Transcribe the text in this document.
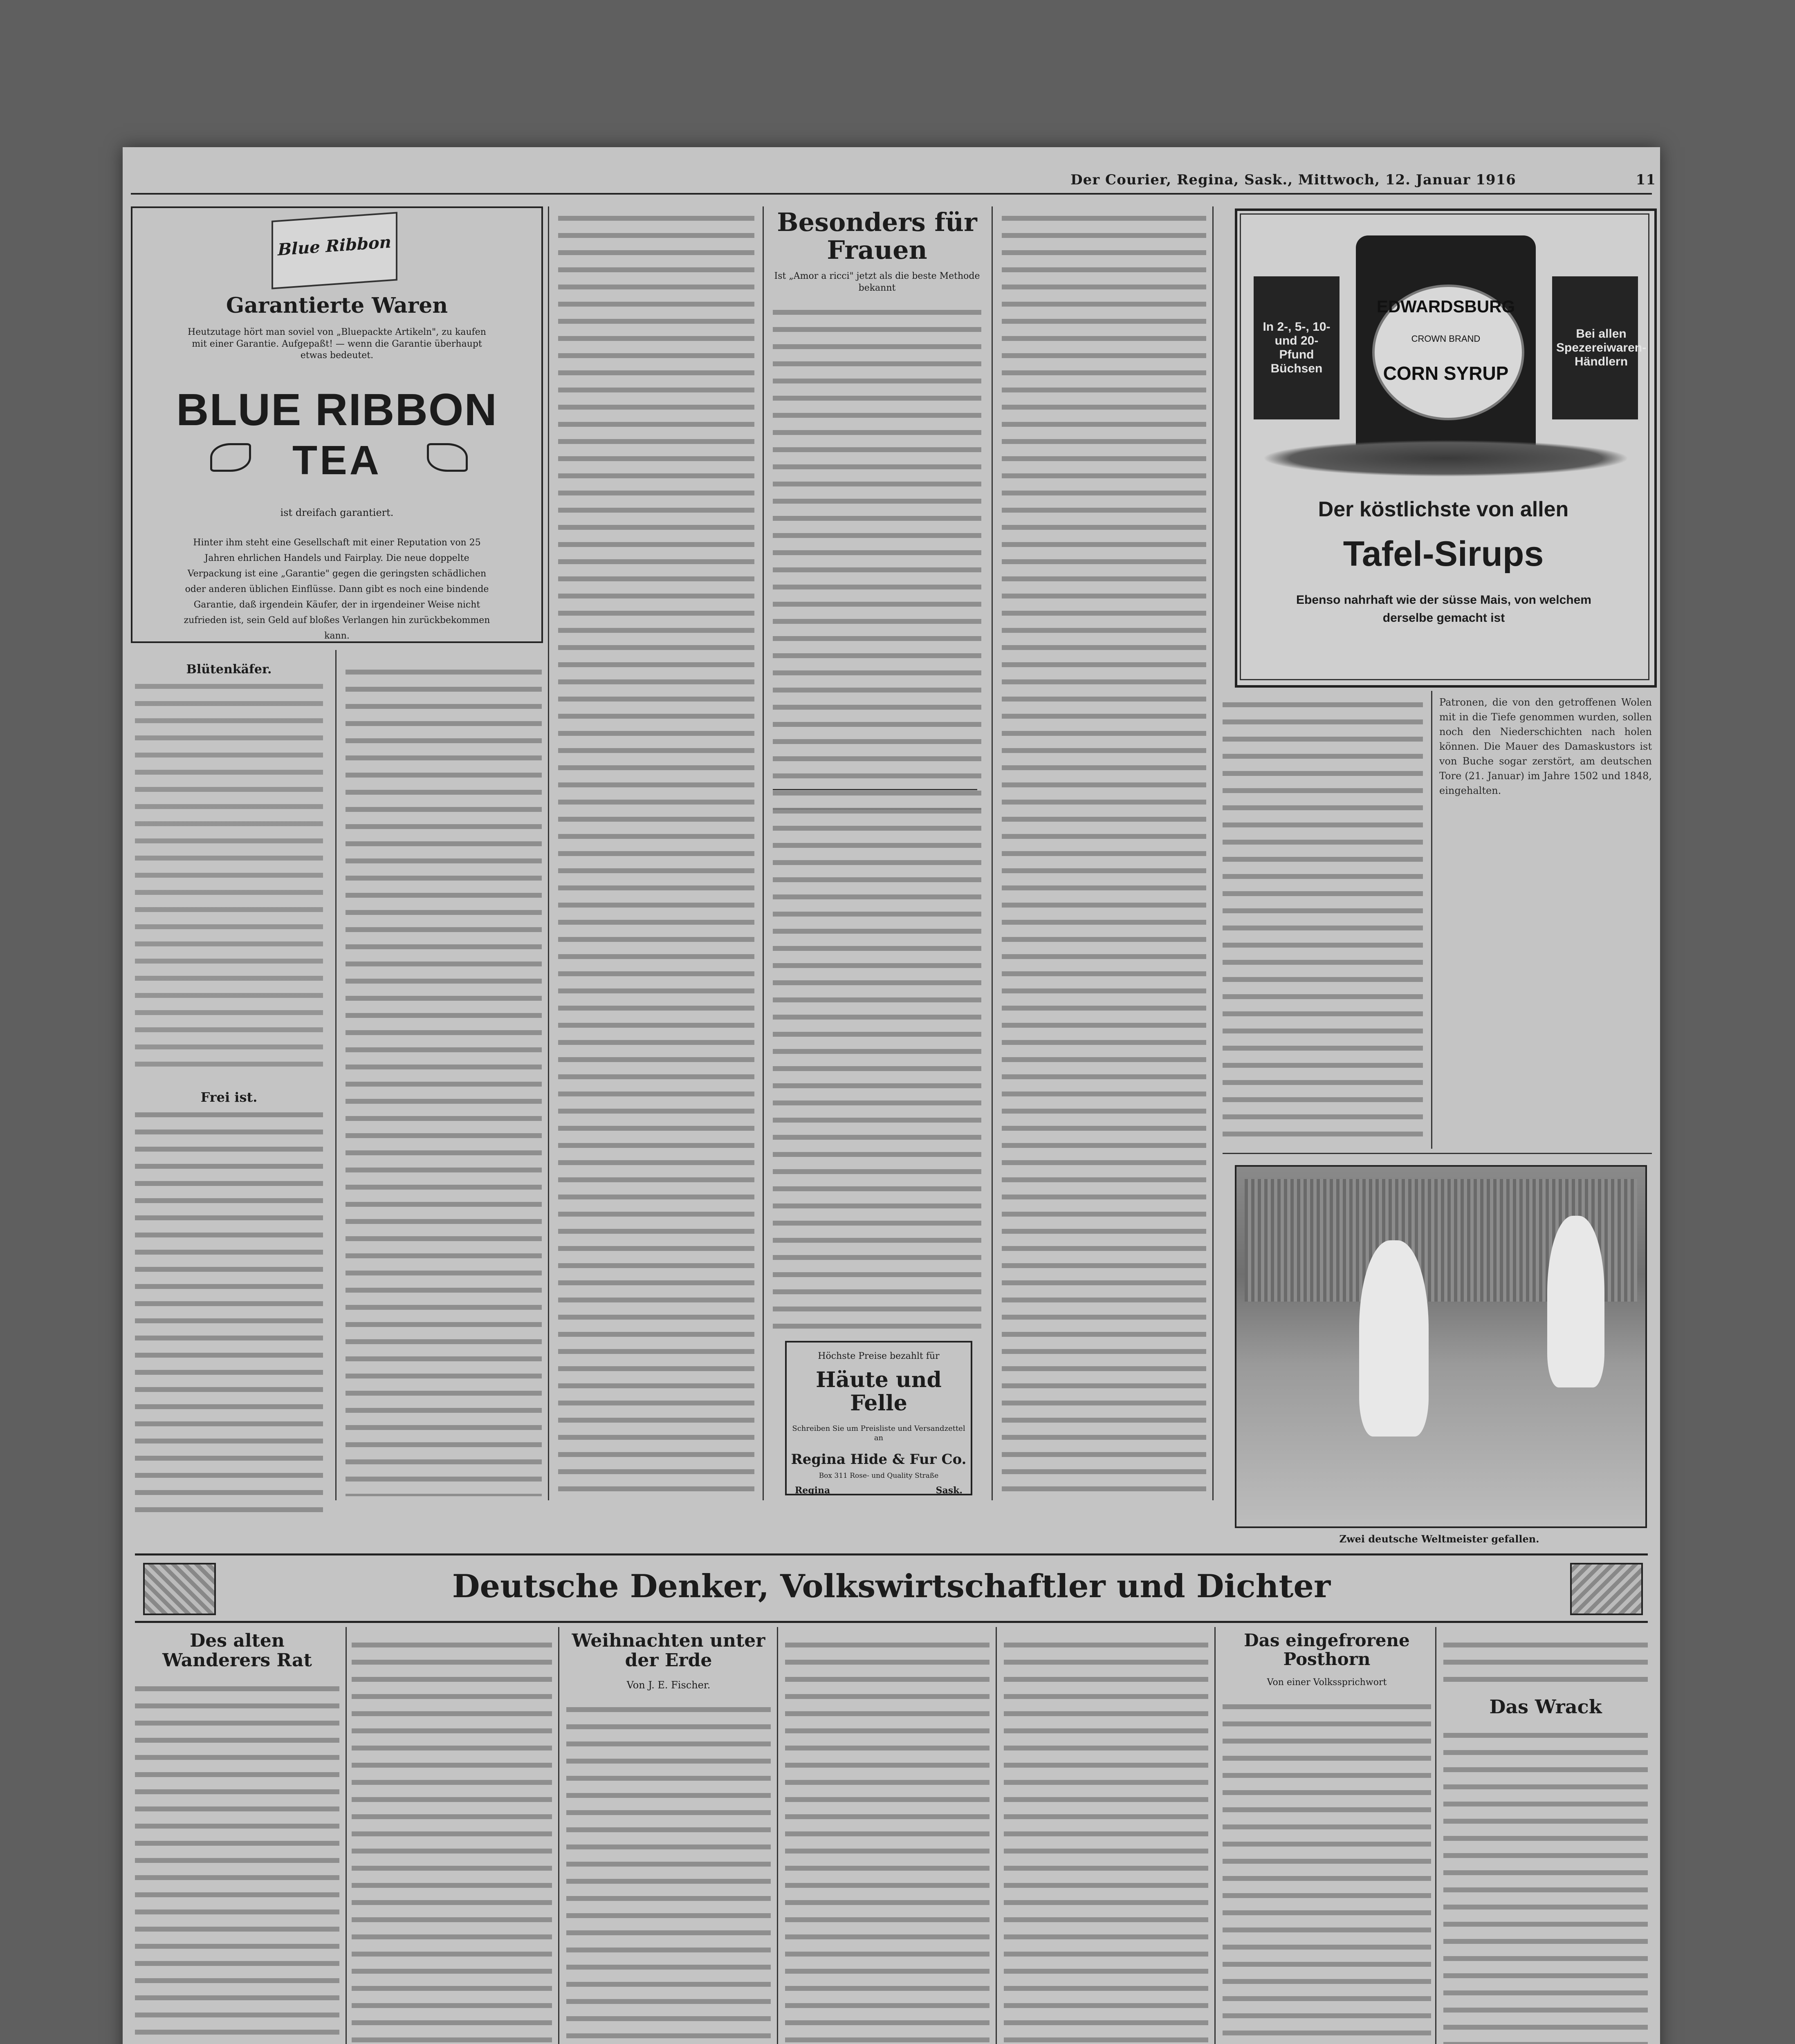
Der Courier, Regina, Sask., Mittwoch, 12. Januar 1916	11
Blue Ribbon
Garantierte Waren
Heutzutage hört man soviel von „Bluepackte Artikeln", zu kaufen mit einer Garantie. Aufgepaßt! — wenn die Garantie überhaupt etwas bedeutet.
BLUE RIBBON
TEA
ist dreifach garantiert.
Hinter ihm steht eine Gesellschaft mit einer Reputation von 25 Jahren ehrlichen Handels und Fairplay. Die neue doppelte Verpackung ist eine „Garantie" gegen die geringsten schädlichen oder anderen üblichen Einflüsse. Dann gibt es noch eine bindende Garantie, daß irgendein Käufer, der in irgendeiner Weise nicht zufrieden ist, sein Geld auf bloßes Verlangen hin zurückbekommen kann.
Blütenkäfer.
Frei ist.
Besonders für Frauen
Ist „Amor a ricci" jetzt als die beste Methode bekannt
Höchste Preise bezahlt für
Häute und Felle
Schreiben Sie um Preisliste und Versandzettel an
Regina Hide & Fur Co.
Box 311 Rose- und Quality Straße
Regina	Sask.
In 2-, 5-, 10- und 20-Pfund Büchsen
Bei allen Spezereiwaren-Händlern
EDWARDSBURG
CROWN BRAND
CORN SYRUP
Der köstlichste von allen
Tafel-Sirups
Ebenso nahrhaft wie der süsse Mais, von welchem derselbe gemacht ist
Patronen, die von den getroffenen Wolen mit in die Tiefe genommen wurden, sollen noch den Niederschichten nach holen können. Die Mauer des Damaskustors ist von Buche sogar zerstört, am deutschen Tore (21. Januar) im Jahre 1502 und 1848, eingehalten.
Zwei deutsche Weltmeister gefallen.
Deutsche Denker, Volkswirtschaftler und Dichter
Des alten Wanderers Rat
Weihnachten unter der Erde
Von J. E. Fischer.
Das eingefrorene Posthorn
Von einer Volkssprichwort
Das Wrack
